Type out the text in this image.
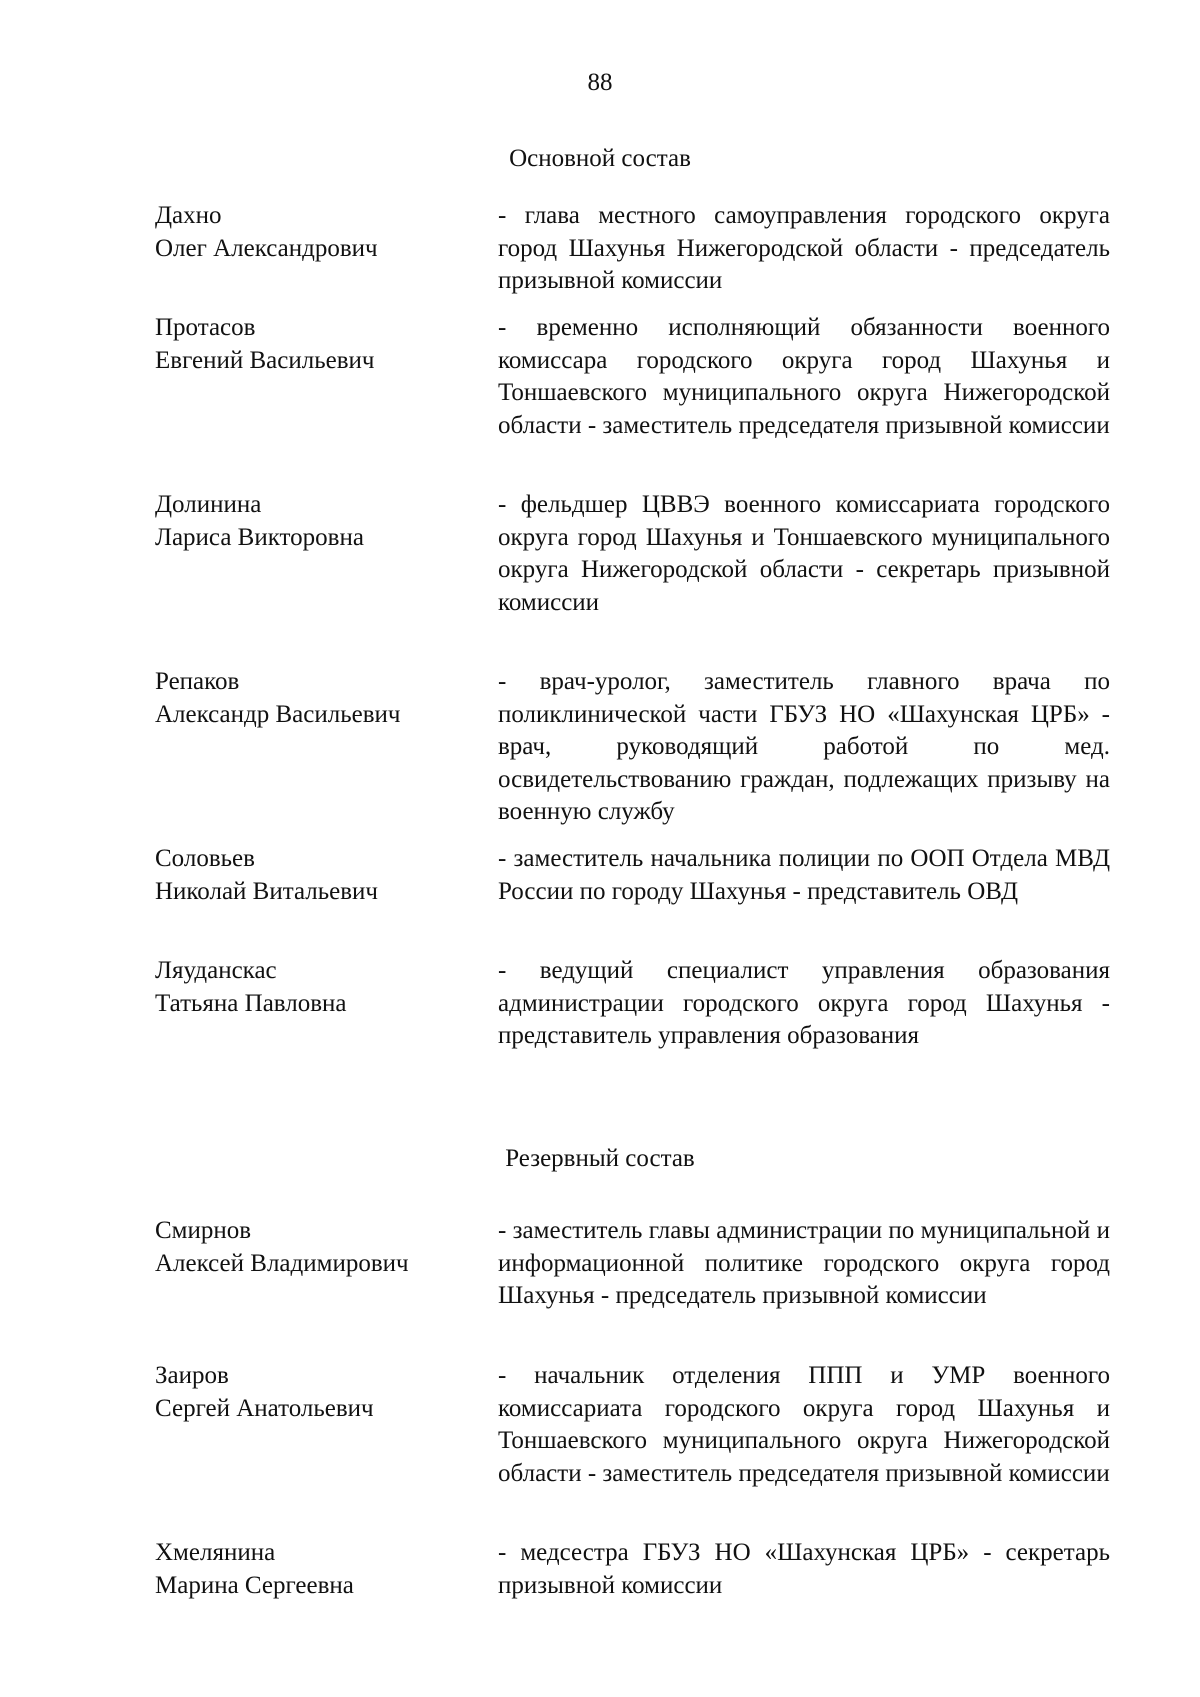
88
Основной состав
Дахно
Олег Александрович
- глава местного самоуправления городского округа город Шахунья Нижегородской области - председатель призывной комиссии
Протасов
Евгений Васильевич
- временно исполняющий обязанности военного комиссара городского округа город Шахунья и Тоншаевского муниципального округа Нижегородской области - заместитель председателя призывной комиссии
Долинина
Лариса Викторовна
- фельдшер ЦВВЭ военного комиссариата городского округа город Шахунья и Тоншаевского муниципального округа Нижегородской области - секретарь призывной комиссии
Репаков
Александр Васильевич
- врач-уролог, заместитель главного врача по поликлинической части ГБУЗ НО «Шахунская ЦРБ» - врач, руководящий работой по мед. освидетельствованию граждан, подлежащих призыву на военную службу
Соловьев
Николай Витальевич
- заместитель начальника полиции по ООП Отдела МВД России по городу Шахунья - представитель ОВД
Ляуданскас
Татьяна Павловна
- ведущий специалист управления образования администрации городского округа город Шахунья - представитель управления образования
Резервный состав
Смирнов
Алексей Владимирович
- заместитель главы администрации по муниципальной и информационной политике городского округа город Шахунья - председатель призывной комиссии
Заиров
Сергей Анатольевич
- начальник отделения ППП и УМР военного комиссариата городского округа город Шахунья и Тоншаевского муниципального округа Нижегородской области - заместитель председателя призывной комиссии
Хмелянина
Марина Сергеевна
- медсестра ГБУЗ НО «Шахунская ЦРБ» - секретарь призывной комиссии
